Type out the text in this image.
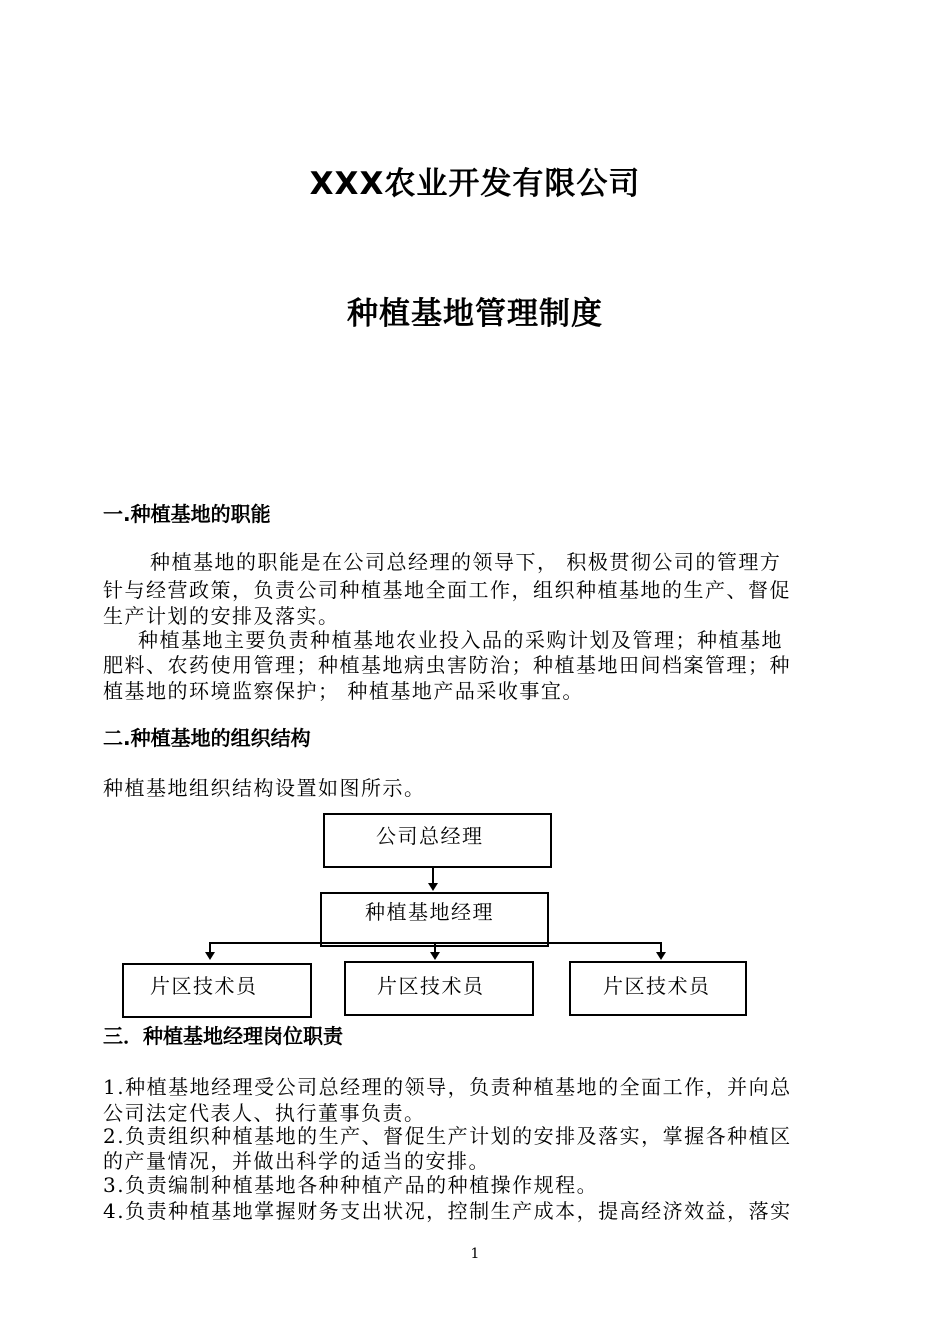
XXX农业开发有限公司
种植基地管理制度
一.种植基地的职能
种植基地的职能是在公司总经理的领导下， 积极贯彻公司的管理方
针与经营政策，负责公司种植基地全面工作，组织种植基地的生产、督促
生产计划的安排及落实。
种植基地主要负责种植基地农业投入品的采购计划及管理；种植基地
肥料、农药使用管理；种植基地病虫害防治；种植基地田间档案管理；种
植基地的环境监察保护； 种植基地产品采收事宜。
二.种植基地的组织结构
种植基地组织结构设置如图所示。
公司总经理
种植基地经理
片区技术员	片区技术员	片区技术员
三．种植基地经理岗位职责
1.种植基地经理受公司总经理的领导，负责种植基地的全面工作，并向总
公司法定代表人、执行董事负责。
2.负责组织种植基地的生产、督促生产计划的安排及落实，掌握各种植区
的产量情况，并做出科学的适当的安排。
3.负责编制种植基地各种种植产品的种植操作规程。
4.负责种植基地掌握财务支出状况，控制生产成本，提高经济效益，落实
1
